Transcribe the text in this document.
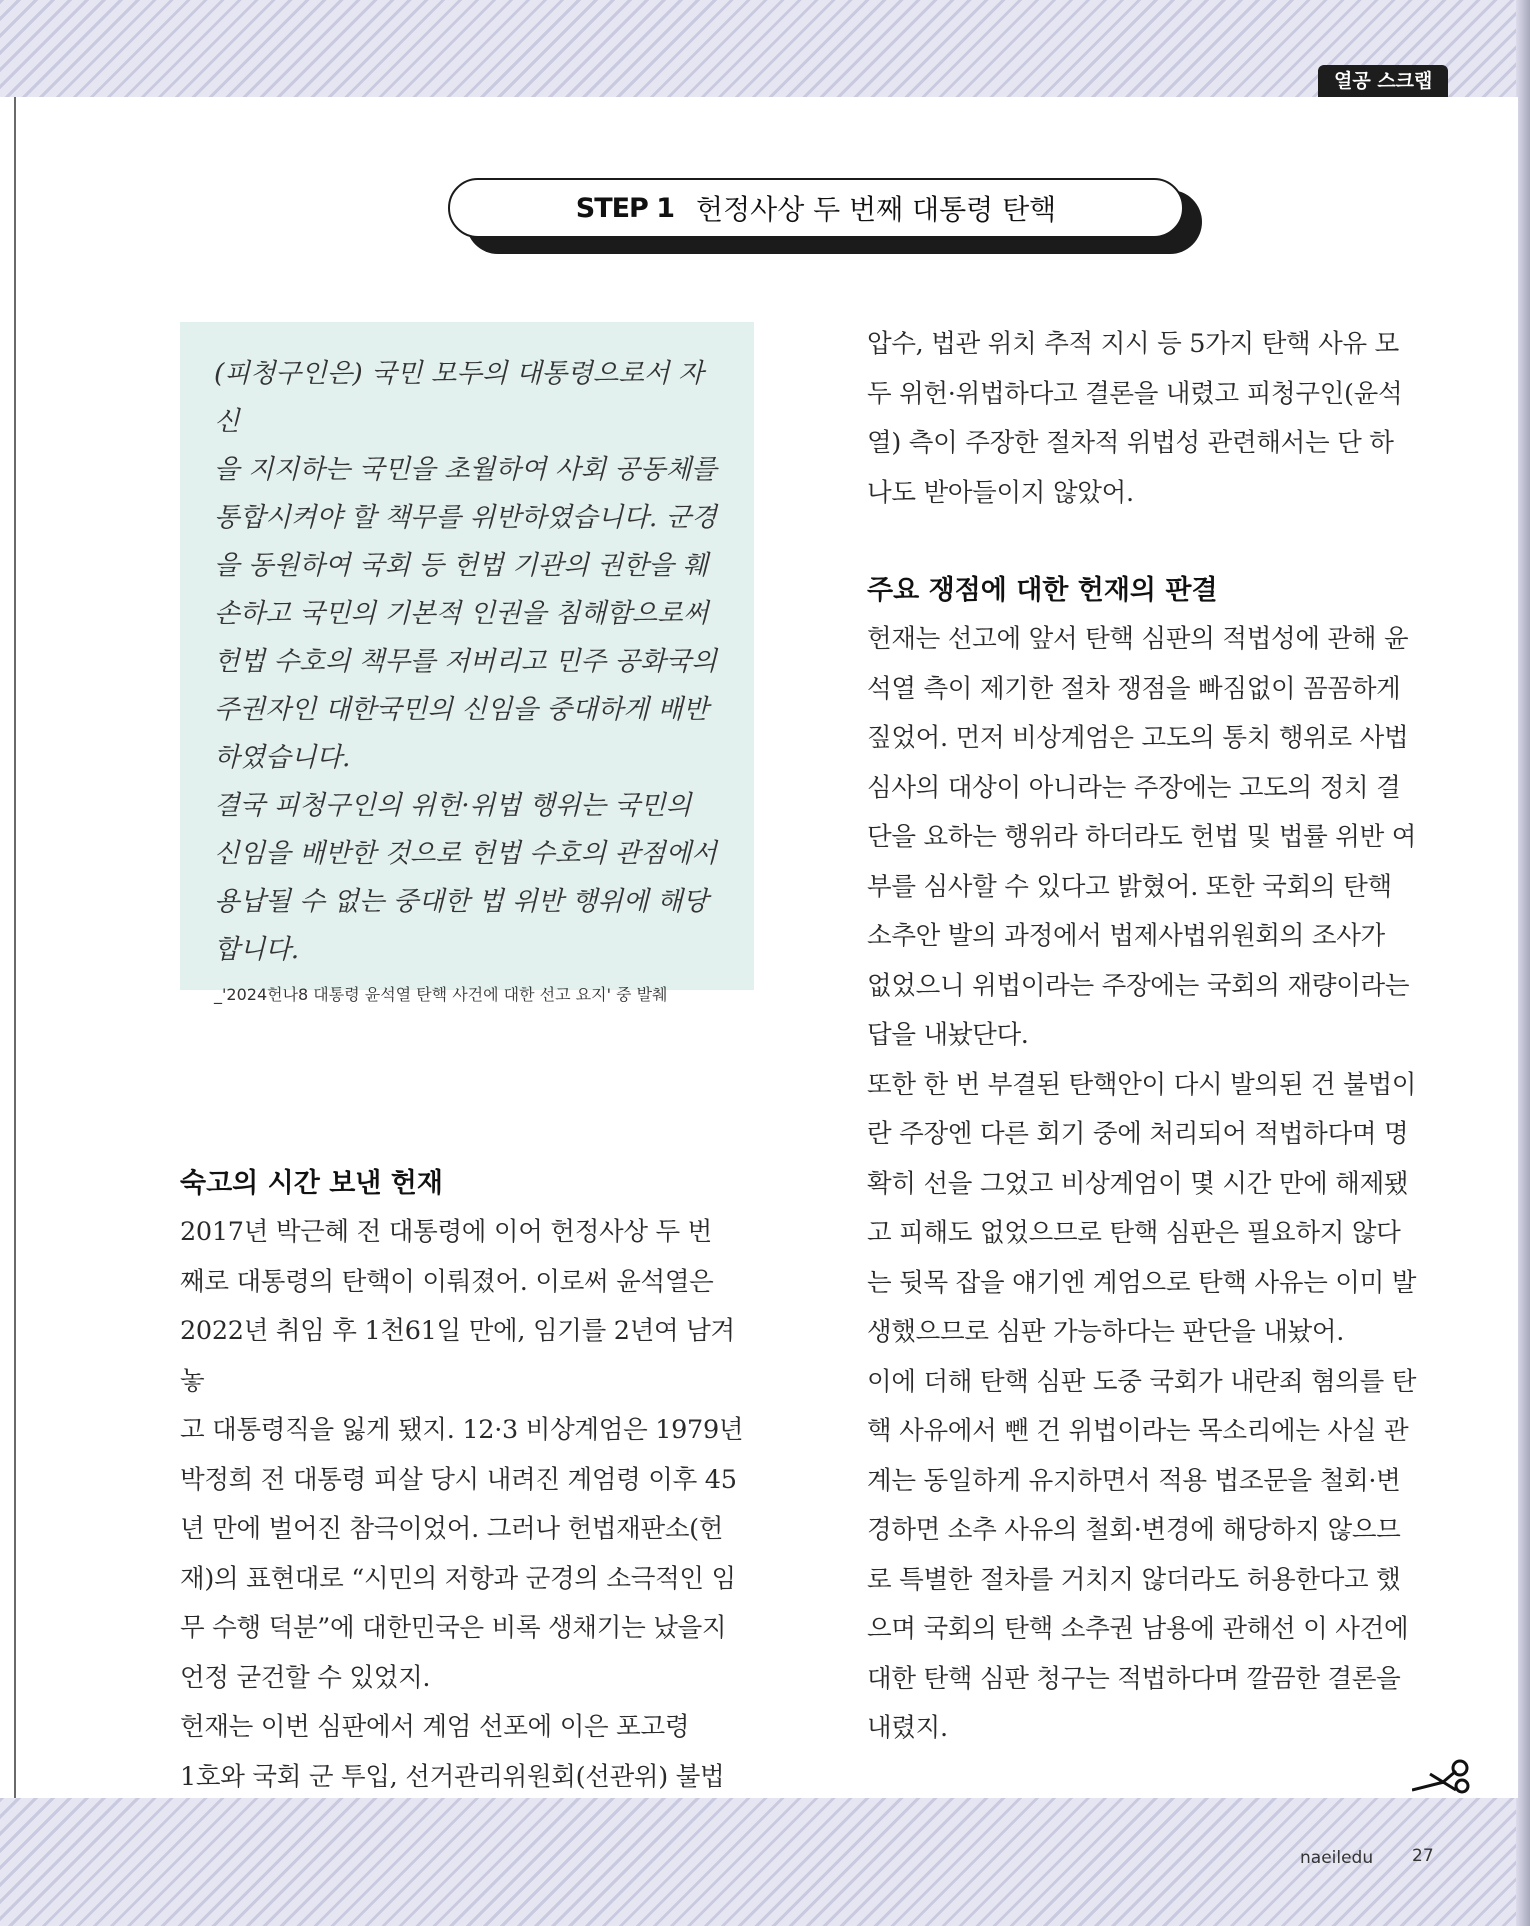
열공 스크랩
STEP 1 헌정사상 두 번째 대통령 탄핵

(피청구인은) 국민 모두의 대통령으로서 자신
을 지지하는 국민을 초월하여 사회 공동체를
통합시켜야 할 책무를 위반하였습니다. 군경
을 동원하여 국회 등 헌법 기관의 권한을 훼
손하고 국민의 기본적 인권을 침해함으로써
헌법 수호의 책무를 저버리고 민주 공화국의
주권자인 대한국민의 신임을 중대하게 배반
하였습니다.
결국 피청구인의 위헌·위법 행위는 국민의
신임을 배반한 것으로 헌법 수호의 관점에서
용납될 수 없는 중대한 법 위반 행위에 해당
합니다.

_'2024헌나8 대통령 윤석열 탄핵 사건에 대한 선고 요지' 중 발췌
숙고의 시간 보낸 헌재

2017년 박근혜 전 대통령에 이어 헌정사상 두 번
째로 대통령의 탄핵이 이뤄졌어. 이로써 윤석열은
2022년 취임 후 1천61일 만에, 임기를 2년여 남겨놓
고 대통령직을 잃게 됐지. 12·3 비상계엄은 1979년
박정희 전 대통령 피살 당시 내려진 계엄령 이후 45
년 만에 벌어진 참극이었어. 그러나 헌법재판소(헌
재)의 표현대로 “시민의 저항과 군경의 소극적인 임
무 수행 덕분”에 대한민국은 비록 생채기는 났을지
언정 굳건할 수 있었지.

헌재는 이번 심판에서 계엄 선포에 이은 포고령
1호와 국회 군 투입, 선거관리위원회(선관위) 불법

압수, 법관 위치 추적 지시 등 5가지 탄핵 사유 모
두 위헌·위법하다고 결론을 내렸고 피청구인(윤석
열) 측이 주장한 절차적 위법성 관련해서는 단 하
나도 받아들이지 않았어.

주요 쟁점에 대한 헌재의 판결

헌재는 선고에 앞서 탄핵 심판의 적법성에 관해 윤
석열 측이 제기한 절차 쟁점을 빠짐없이 꼼꼼하게
짚었어. 먼저 비상계엄은 고도의 통치 행위로 사법
심사의 대상이 아니라는 주장에는 고도의 정치 결
단을 요하는 행위라 하더라도 헌법 및 법률 위반 여
부를 심사할 수 있다고 밝혔어. 또한 국회의 탄핵
소추안 발의 과정에서 법제사법위원회의 조사가
없었으니 위법이라는 주장에는 국회의 재량이라는
답을 내놨단다.

또한 한 번 부결된 탄핵안이 다시 발의된 건 불법이
란 주장엔 다른 회기 중에 처리되어 적법하다며 명
확히 선을 그었고 비상계엄이 몇 시간 만에 해제됐
고 피해도 없었으므로 탄핵 심판은 필요하지 않다
는 뒷목 잡을 얘기엔 계엄으로 탄핵 사유는 이미 발
생했으므로 심판 가능하다는 판단을 내놨어.

이에 더해 탄핵 심판 도중 국회가 내란죄 혐의를 탄
핵 사유에서 뺀 건 위법이라는 목소리에는 사실 관
계는 동일하게 유지하면서 적용 법조문을 철회·변
경하면 소추 사유의 철회·변경에 해당하지 않으므
로 특별한 절차를 거치지 않더라도 허용한다고 했
으며 국회의 탄핵 소추권 남용에 관해선 이 사건에
대한 탄핵 심판 청구는 적법하다며 깔끔한 결론을
내렸지.

naeiledu 27
